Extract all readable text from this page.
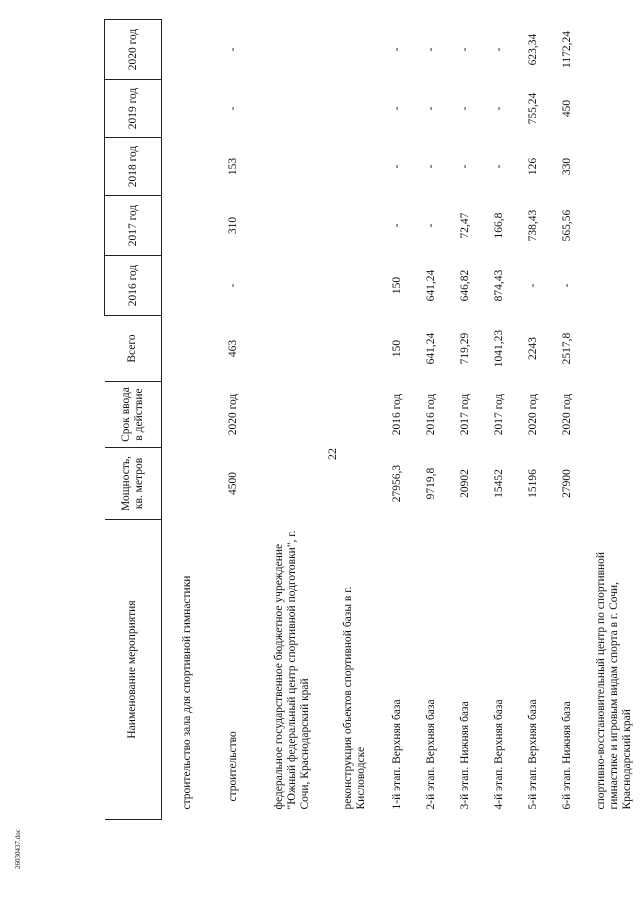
22
Наименование мероприятия	Мощность, кв. метров	Срок ввода в действие	Всего	2016 год	2017 год	2018 год	2019 год	2020 год
строительство зала для спортивной гимнастики								
строительство	4500	2020 год	463	-	310	153	-	-
федеральное государственное бюджетное учреждение "Южный федеральный центр спортивной подготовки", г. Сочи, Краснодарский край								
реконструкция объектов спортивной базы в г. Кисловодске								
1-й этап. Верхняя база	27956,3	2016 год	150	150	-	-	-	-
2-й этап. Верхняя база	9719,8	2016 год	641,24	641,24	-	-	-	-
3-й этап. Нижняя база	20902	2017 год	719,29	646,82	72,47	-	-	-
4-й этап. Верхняя база	15452	2017 год	1041,23	874,43	166,8	-	-	-
5-й этап. Верхняя база	15196	2020 год	2243	-	738,43	126	755,24	623,34
6-й этап. Нижняя база	27900	2020 год	2517,8	-	565,56	330	450	1172,24
спортивно-восстановительный центр по спортивной гимнастике и игровым видам спорта в г. Сочи, Краснодарский край								
26030437.doc
